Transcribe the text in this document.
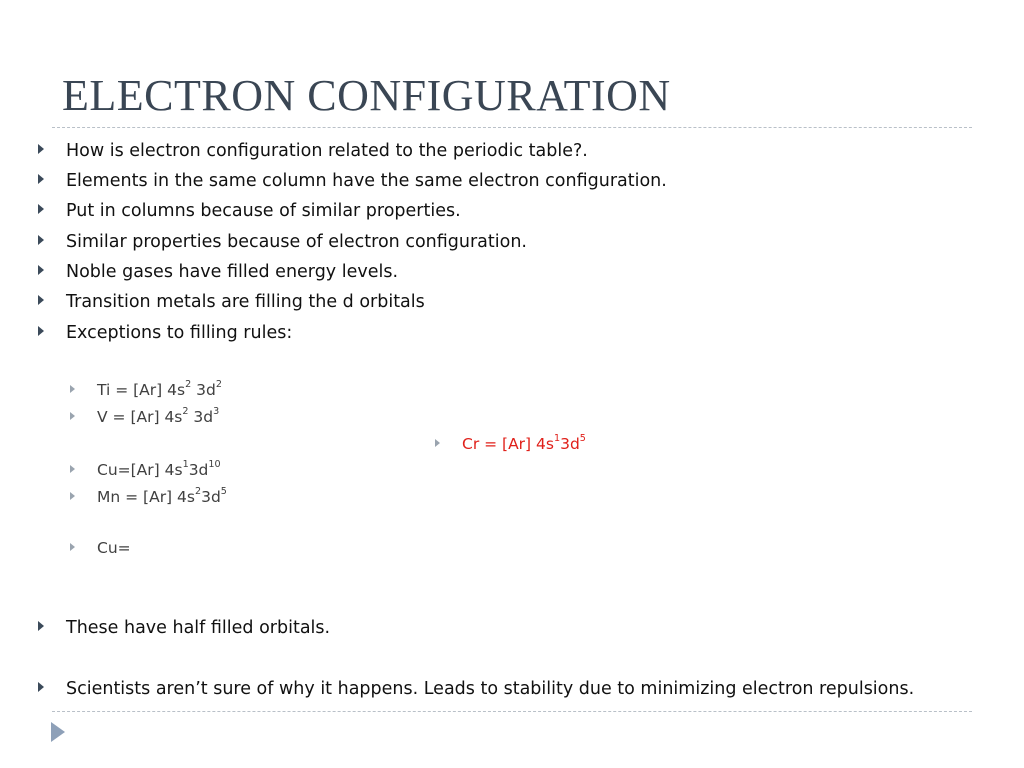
ELECTRON CONFIGURATION
How is electron configuration related to the periodic table?.
Elements in the same column have the same electron configuration.
Put in columns because of similar properties.
Similar properties because of electron configuration.
Noble gases have filled energy levels.
Transition metals are filling the d orbitals
Exceptions to filling rules:
Ti = [Ar] $4s^2$ $3d^2$
V = [Ar] $4s^2$ $3d^3$
Cr = [Ar] $4s^13d^5$
Cu=[Ar] $4s^13d^{10}$
Mn = [Ar] $4s^23d^5$
Cu=
These have half filled orbitals.
Scientists aren’t sure of why it happens. Leads to stability due to minimizing electron repulsions.
